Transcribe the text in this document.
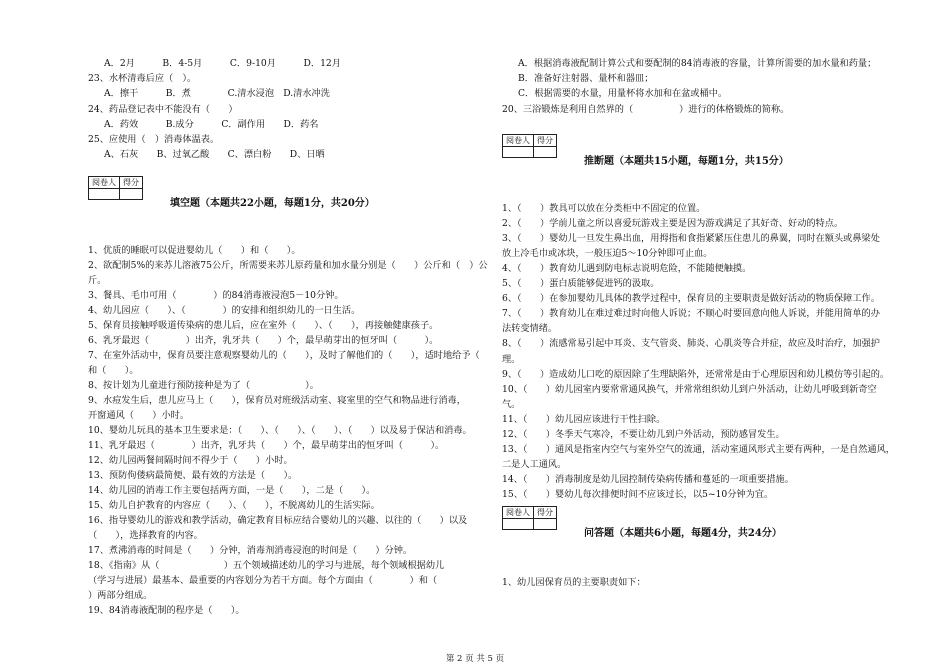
A．2月　　　B．4-5月　　　C．9-10月　　　D．12月
23、水杯清毒后应（　）。
A．擦干　　　B．煮　　　　C.清水浸泡　D.清水冲洗
24、药品登记表中不能没有（　　）
A．药效　　　B.成分　　　C．副作用　　D．药名
25、应使用（　）消毒体温表。
A、石灰　　B、过氧乙酸　　C、漂白粉　　D、日晒
阅卷人	得分

填空题（本题共22小题，每题1分，共20分）
1、优质的睡眠可以促进婴幼儿（　　）和（　　）。
2、欲配制5%的来苏儿溶液75公斤，所需要来苏儿原药量和加水量分别是（　　）公斤和（　）公
斤。
3、餐具、毛巾可用（　　　　）的84消毒液浸泡5－10分钟。
4、幼儿园应（　　）、（　　　　）的安排和组织幼儿的一日生活。
5、保育员接触呼吸道传染病的患儿后，应在室外（　　）、（　　），再接触健康孩子。
6、乳牙最迟（　　　　）出齐，乳牙共（　　）个，最早萌芽出的恒牙叫（　　　）。
7、在室外活动中，保育员要注意观察婴幼儿的（　　），及时了解他们的（　　），适时地给予（
和（　　）。
8、按计划为儿童进行预防接种是为了（　　　　　　）。
9、水痘发生后，患儿应马上（　　），保育员对班级活动室、寝室里的空气和物品进行消毒，
开窗通风（　　）小时。
10、婴幼儿玩具的基本卫生要求是：（　　）、（　　）、（　　）、（　　）以及易于保洁和消毒。
11、乳牙最迟（　　　　）出齐，乳牙共（　　）个，最早萌芽出的恒牙叫（　　　）。
12、幼儿园两餐间隔时间不得少于（　　）小时。
13、预防佝偻病最简便、最有效的方法是（　　）。
14、幼儿园的消毒工作主要包括两方面，一是（　　），二是（　　）。
15、幼儿自护教育的内容应（　　）、（　　），不脱离幼儿的生活实际。
16、指导婴幼儿的游戏和教学活动，确定教育目标应结合婴幼儿的兴趣、以往的（　　）以及
（　　），选择教育的内容。
17、煮沸消毒的时间是（　　）分钟，消毒剂消毒浸泡的时间是（　　）分钟。
18、《指南》从（　　　　　　　）五个领域描述幼儿的学习与进展，每个领域根据幼儿
（学习与进展）最基本、最重要的内容划分为若干方面。每个方面由（　　　　）和（
）两部分组成。
19、84消毒液配制的程序是（　　）。
A．根据消毒液配制计算公式和要配制的84消毒液的容量，计算所需要的加水量和药量；
B．准备好注射器、量杯和器皿；
C．根据需要的水量，用量杯将水加和在盆或桶中。
20、三浴锻炼是利用自然界的（　　　　　）进行的体格锻炼的简称。
阅卷人	得分

推断题（本题共15小题，每题1分，共15分）
1、（　　）教具可以放在分类柜中不固定的位置。
2、（　　）学前儿童之所以喜爱玩游戏主要是因为游戏满足了其好奇、好动的特点。
3、（　　）婴幼儿一旦发生鼻出血，用拇指和食指紧紧压住患儿的鼻翼，同时在额头或鼻梁处
放上冷毛巾或冰块，一般压迫5～10分钟即可止血。
4、（　　）教育幼儿遇到防电标志说明危险，不能随便触摸。
5、（　　）蛋白质能够促进钙的汲取。
6、（　　）在参加婴幼儿具体的教学过程中，保育员的主要职责是做好活动的物质保障工作。
7、（　　）教育幼儿在难过难过时向他人诉说；不顺心时要回意向他人诉说，并能用简单的办
法转变情绪。
8、（　　）流感常易引起中耳炎、支气管炎、肺炎、心肌炎等合并症，故应及时治疗，加强护
理。
9、（　　）造成幼儿口吃的原因除了生理缺陷外，还常常是由于心理原因和幼儿模仿等引起的。
10、（　　）幼儿园室内要常常通风换气，并常常组织幼儿到户外活动，让幼儿呼吸到新奇空
气。
11、（　　）幼儿园应该进行干性扫除。
12、（　　）冬季天气寒冷，不要让幼儿到户外活动，预防感冒发生。
13、（　　）通风是指室内空气与室外空气的流通，活动室通风形式主要有两种，一是自然通风，
二是人工通风。
14、（　　）消毒制度是幼儿园控制传染病传播和蔓延的一项重要措施。
15、（　　）婴幼儿每次排便时间不应该过长，以5~10分钟为宜。
阅卷人	得分

问答题（本题共6小题，每题4分，共24分）
1、幼儿园保育员的主要职责如下：
第 2 页 共 5 页
